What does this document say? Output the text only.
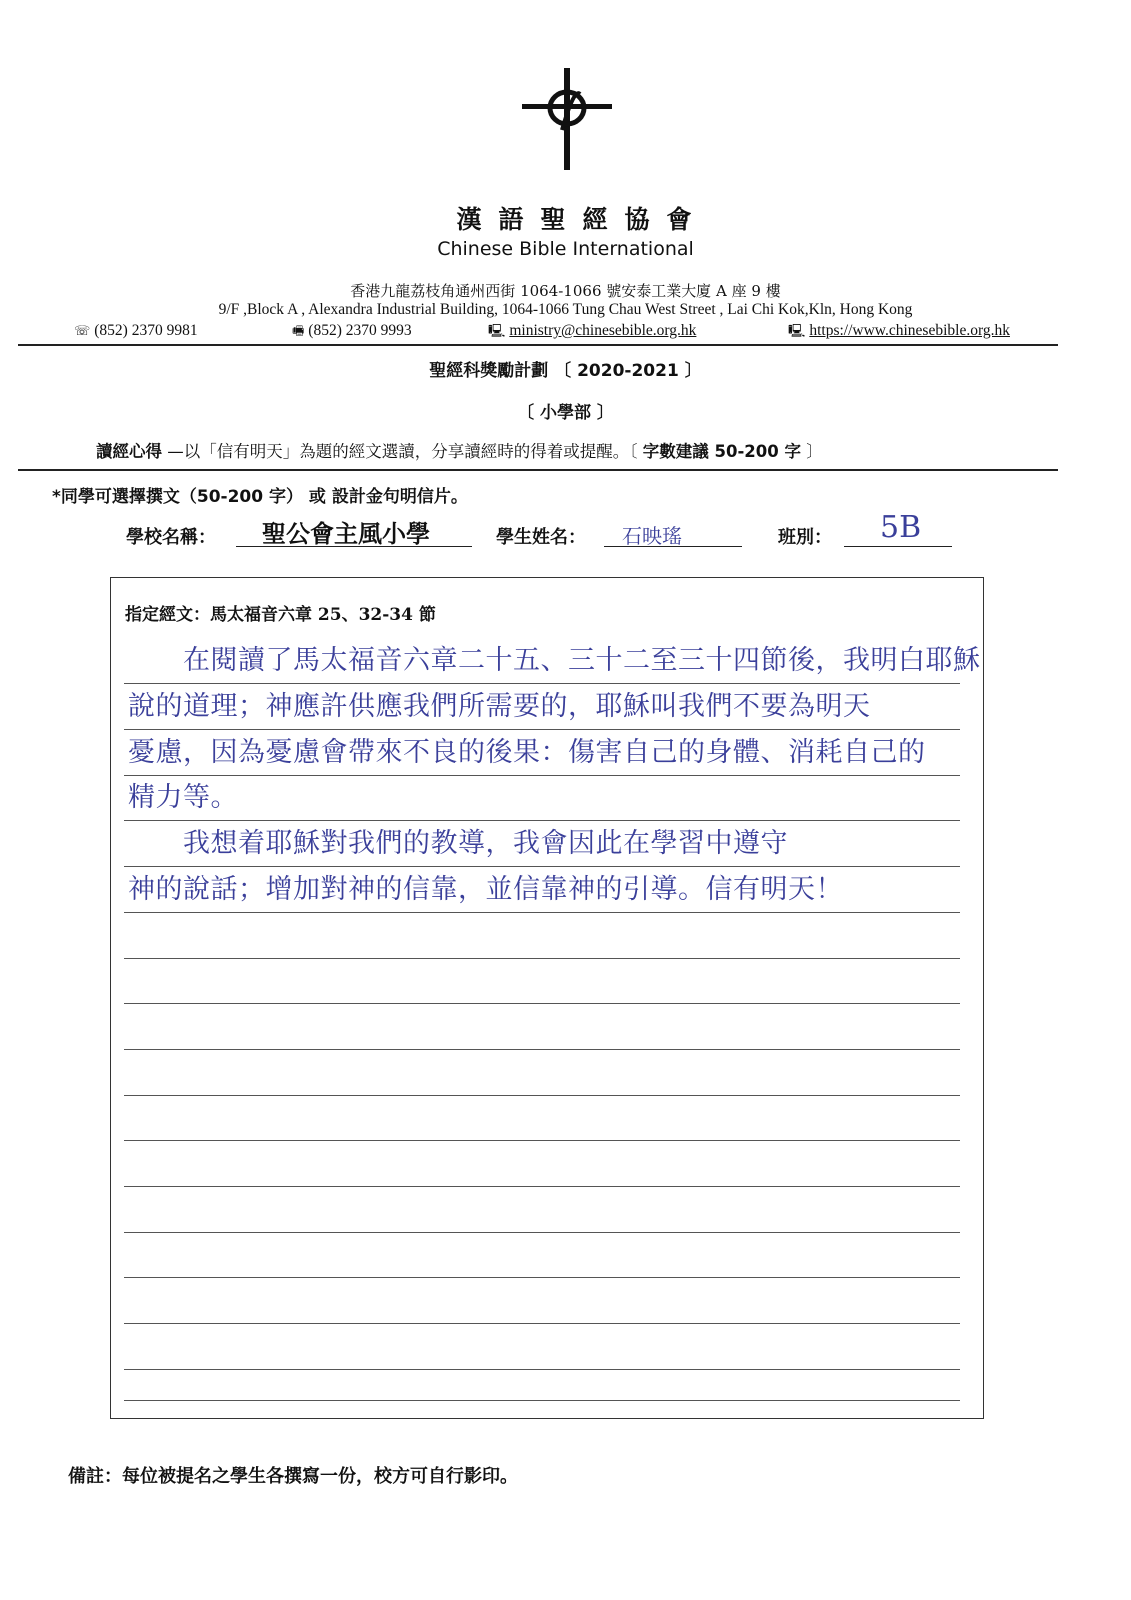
漢語聖經協會
Chinese Bible International
香港九龍荔枝角通州西街 1064-1066 號安泰工業大廈 A 座 9 樓
9/F ,Block A , Alexandra Industrial Building, 1064-1066 Tung Chau West Street , Lai Chi Kok,Kln, Hong Kong
☏ (852) 2370 9981	🖷 (852) 2370 9993	🖳 ministry@chinesebible.org.hk	🖳 https://www.chinesebible.org.hk
聖經科獎勵計劃 〔 2020-2021 〕
〔 小學部 〕
讀經心得 —以「信有明天」為題的經文選讀，分享讀經時的得着或提醒。〔 字數建議 50-200 字 〕
*同學可選擇撰文（50-200 字） 或 設計金句明信片。
學校名稱： 聖公會主風小學	學生姓名： 石映瑤	班別： 5B
指定經文：馬太福音六章 25、32-34 節
　　在閱讀了馬太福音六章二十五、三十二至三十四節後，我明白耶穌
說的道理；神應許供應我們所需要的，耶穌叫我們不要為明天
憂慮，因為憂慮會帶來不良的後果：傷害自己的身體、消耗自己的
精力等。
　　我想着耶穌對我們的教導，我會因此在學習中遵守
神的說話；增加對神的信靠，並信靠神的引導。信有明天！
備註：每位被提名之學生各撰寫一份，校方可自行影印。
